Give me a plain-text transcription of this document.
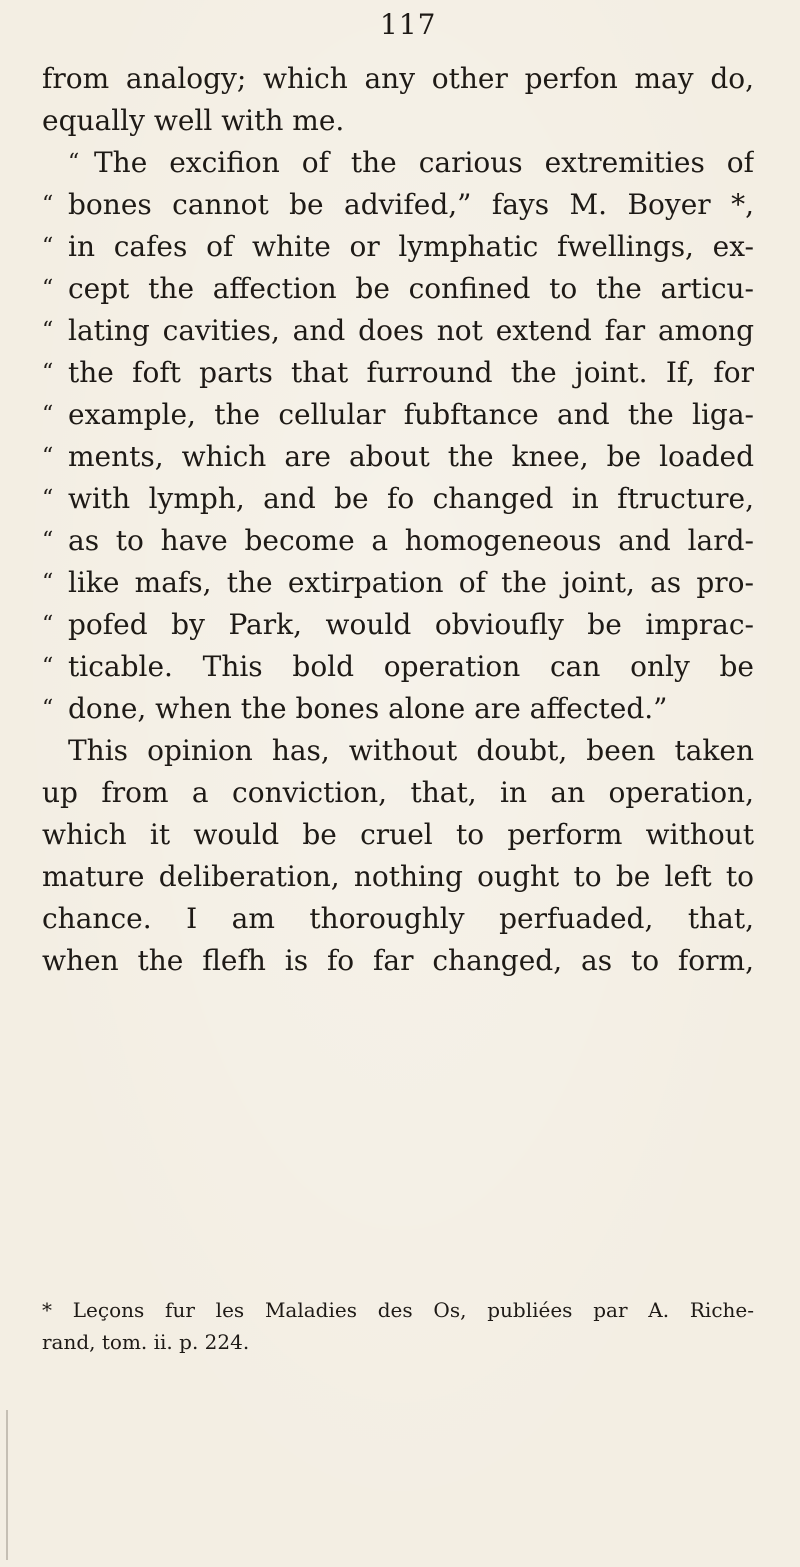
117
from analogy; which any other perfon may do,
equally well with me.
“ The excifion of the carious extremities of
“ bones cannot be advifed,” fays M. Boyer *,
“ in cafes of white or lymphatic fwellings, ex-
“ cept the affection be confined to the articu-
“ lating cavities, and does not extend far among
“ the foft parts that furround the joint. If, for
“ example, the cellular fubftance and the liga-
“ ments, which are about the knee, be loaded
“ with lymph, and be fo changed in ftructure,
“ as to have become a homogeneous and lard-
“ like mafs, the extirpation of the joint, as pro-
“ pofed by Park, would obvioufly be imprac-
“ ticable. This bold operation can only be
“ done, when the bones alone are affected.”
This opinion has, without doubt, been taken
up from a conviction, that, in an operation,
which it would be cruel to perform without
mature deliberation, nothing ought to be left to
chance. I am thoroughly perfuaded, that,
when the flefh is fo far changed, as to form,
* Leçons fur les Maladies des Os, publiées par A. Riche-
rand, tom. ii. p. 224.
